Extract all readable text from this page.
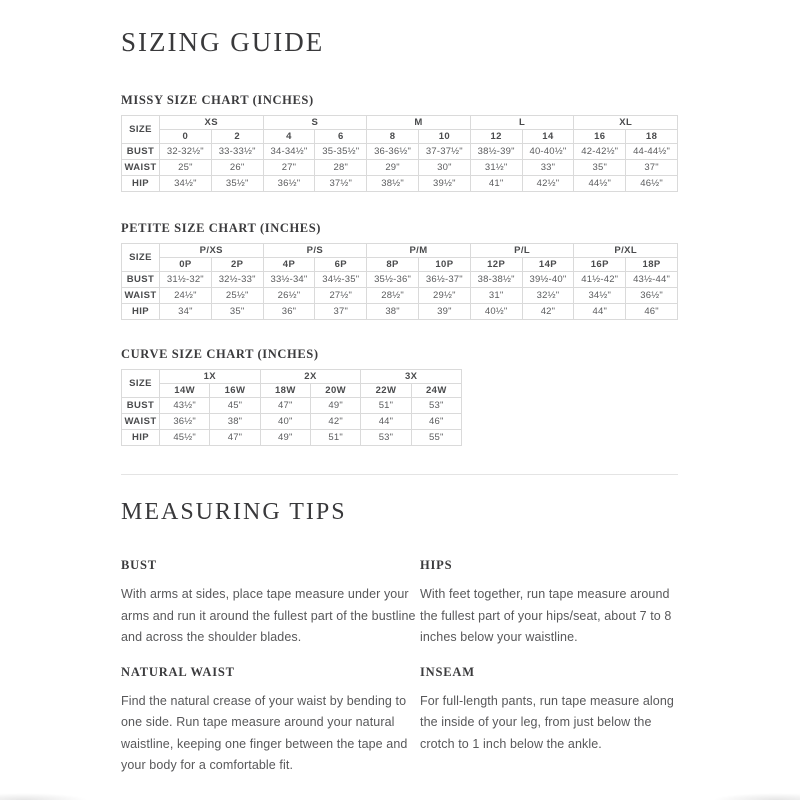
SIZING GUIDE
MISSY SIZE CHART (INCHES)
SIZE	XS		S		M		L		XL	
	0	2	4	6	8	10	12	14	16	18
BUST	32-32½"	33-33½"	34-34½"	35-35½"	36-36½"	37-37½"	38½-39"	40-40½"	42-42½"	44-44½"
WAIST	25"	26"	27"	28"	29"	30"	31½"	33"	35"	37"
HIP	34½"	35½"	36½"	37½"	38½"	39½"	41"	42½"	44½"	46½"
PETITE SIZE CHART (INCHES)
SIZE	P/XS		P/S		P/M		P/L		P/XL	
	0P	2P	4P	6P	8P	10P	12P	14P	16P	18P
BUST	31½-32"	32½-33"	33½-34"	34½-35"	35½-36"	36½-37"	38-38½"	39½-40"	41½-42"	43½-44"
WAIST	24½"	25½"	26½"	27½"	28½"	29½"	31"	32½"	34½"	36½"
HIP	34"	35"	36"	37"	38"	39"	40½"	42"	44"	46"
CURVE SIZE CHART (INCHES)
SIZE	1X		2X		3X	
	14W	16W	18W	20W	22W	24W
BUST	43½"	45"	47"	49"	51"	53"
WAIST	36½"	38"	40"	42"	44"	46"
HIP	45½"	47"	49"	51"	53"	55"
MEASURING TIPS
BUST

With arms at sides, place tape measure under your arms and run it around the fullest part of the bustline and across the shoulder blades.

HIPS

With feet together, run tape measure around the fullest part of your hips/seat, about 7 to 8 inches below your waistline.

NATURAL WAIST

Find the natural crease of your waist by bending to one side. Run tape measure around your natural waistline, keeping one finger between the tape and your body for a comfortable fit.

INSEAM

For full-length pants, run tape measure along the inside of your leg, from just below the crotch to 1 inch below the ankle.
